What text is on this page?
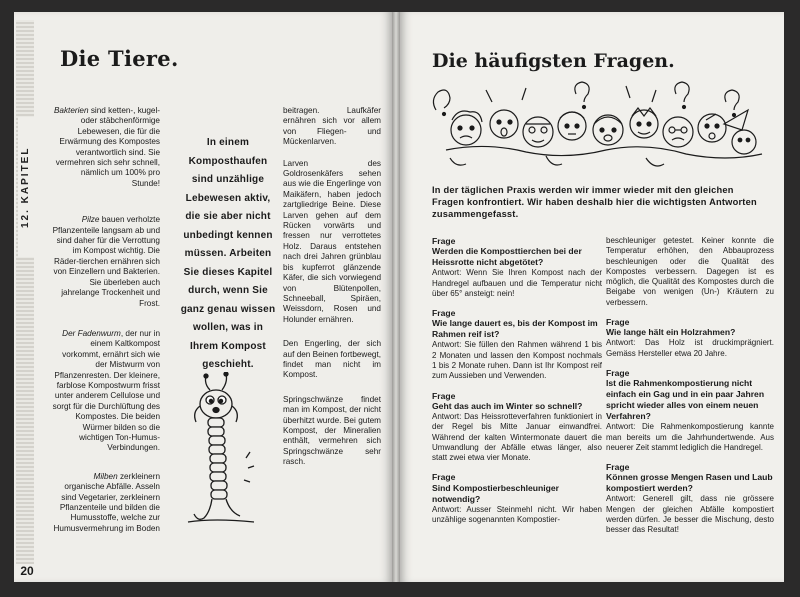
12. KAPITEL
20
Die Tiere.

Bakterien sind ketten-, kugel- oder stäbchenförmige Lebewesen, die für die Erwärmung des Kompostes verantwortlich sind. Sie vermehren sich sehr schnell, nämlich um 100% pro Stunde!

Pilze bauen verholzte Pflanzenteile langsam ab und sind daher für die Verrottung im Kompost wichtig. Die Räder-tierchen ernähren sich von Einzellern und Bakterien. Sie überleben auch jahrelange Trockenheit und Frost.

Der Fadenwurm, der nur in einem Kaltkompost vorkommt, ernährt sich wie der Mistwurm von Pflanzenresten. Der kleinere, farblose Kompostwurm frisst unter anderem Cellulose und sorgt für die Durchlüftung des Kompostes. Die beiden Würmer bilden so die wichtigen Ton-Humus-Verbindungen.

Milben zerkleinern organische Abfälle. Asseln sind Vegetarier, zerkleinern Pflanzenteile und bilden die Humusstoffe, welche zur Humusvermehrung im Boden

In einem Komposthaufen sind unzählige Lebewesen aktiv, die sie aber nicht unbedingt kennen müssen. Arbeiten Sie dieses Kapitel durch, wenn Sie ganz genau wissen wollen, was in Ihrem Kompost geschieht.

beitragen. Laufkäfer ernähren sich vor allem von Fliegen- und Mückenlarven.

Larven des Goldrosenkäfers sehen aus wie die Engerlinge von Maikäfern, haben jedoch zartgliedrige Beine. Diese Larven gehen auf dem Rücken vorwärts und fressen nur verrottetes Holz. Daraus entstehen nach drei Jahren grünblau bis kupferrot glänzende Käfer, die sich vorwiegend von Blütenpollen, Schneeball, Spiräen, Weissdorn, Rosen und Holunder ernähren.

Den Engerling, der sich auf den Beinen fortbewegt, findet man nicht im Kompost.

Springschwänze findet man im Kompost, der nicht überhitzt wurde. Bei gutem Kompost, der Mineralien enthält, vermehren sich Springschwänze sehr rasch.

Die häufigsten Fragen.
In der täglichen Praxis werden wir immer wieder mit den gleichen Fragen konfrontiert. Wir haben deshalb hier die wichtigsten Antworten zusammengefasst.
Frage
Werden die Komposttierchen bei der Heissrotte nicht abgetötet?
Antwort: Wenn Sie Ihren Kompost nach der Handregel aufbauen und die Temperatur nicht über 65° ansteigt: nein!
Frage
Wie lange dauert es, bis der Kompost im Rahmen reif ist?
Antwort: Sie füllen den Rahmen während 1 bis 2 Monaten und lassen den Kompost nochmals 1 bis 2 Monate ruhen. Dann ist Ihr Kompost reif zum Aussieben und Verwenden.
Frage
Geht das auch im Winter so schnell?
Antwort: Das Heissrotteverfahren funktioniert in der Regel bis Mitte Januar einwandfrei. Während der kalten Wintermonate dauert die Umwandlung der Abfälle etwas länger, also statt zwei etwa vier Monate.
Frage
Sind Kompostierbeschleuniger notwendig?
Antwort: Ausser Steinmehl nicht. Wir haben unzählige sogenannten Kompostier-
beschleuniger getestet. Keiner konnte die Temperatur erhöhen, den Abbauprozess beschleunigen oder die Qualität des Kompostes verbessern. Dagegen ist es möglich, die Qualität des Kompostes durch die Beigabe von wenigen (Un-) Kräutern zu verbessern.
Frage
Wie lange hält ein Holzrahmen?
Antwort: Das Holz ist druckimprägniert. Gemäss Hersteller etwa 20 Jahre.
Frage
Ist die Rahmenkompostierung nicht einfach ein Gag und in ein paar Jahren spricht wieder alles von einem neuen Verfahren?
Antwort: Die Rahmenkompostierung kannte man bereits um die Jahrhundertwende. Aus neuerer Zeit stammt lediglich die Handregel.
Frage
Können grosse Mengen Rasen und Laub kompostiert werden?
Antwort: Generell gilt, dass nie grössere Mengen der gleichen Abfälle kompostiert werden dürfen. Je besser die Mischung, desto besser das Resultat!
